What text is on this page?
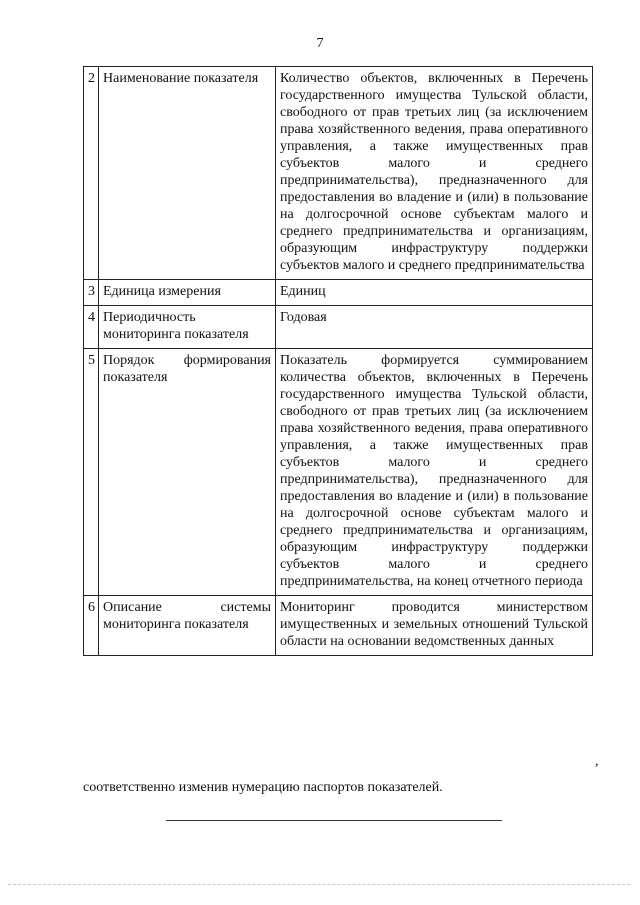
7
2	Наименование показателя	Количество объектов, включенных в Перечень государственного имущества Тульской области, свободного от прав третьих лиц (за исключением права хозяйственного ведения, права оперативного управления, а также имущественных прав субъектов малого и среднего предпринимательства), предназначенного для предоставления во владение и (или) в пользование на долгосрочной основе субъектам малого и среднего предпринимательства и организациям, образующим инфраструктуру поддержки субъектов малого и среднего предпринимательства
3	Единица измерения	Единиц
4	Периодичность мониторинга показателя	Годовая
5	Порядок формирования показателя	Показатель формируется суммированием количества объектов, включенных в Перечень государственного имущества Тульской области, свободного от прав третьих лиц (за исключением права хозяйственного ведения, права оперативного управления, а также имущественных прав субъектов малого и среднего предпринимательства), предназначенного для предоставления во владение и (или) в пользование на долгосрочной основе субъектам малого и среднего предпринимательства и организациям, образующим инфраструктуру поддержки субъектов малого и среднего предпринимательства, на конец отчетного периода
6	Описание системы мониторинга показателя	Мониторинг проводится министерством имущественных и земельных отношений Тульской области на основании ведомственных данных
,
соответственно изменив нумерацию паспортов показателей.
